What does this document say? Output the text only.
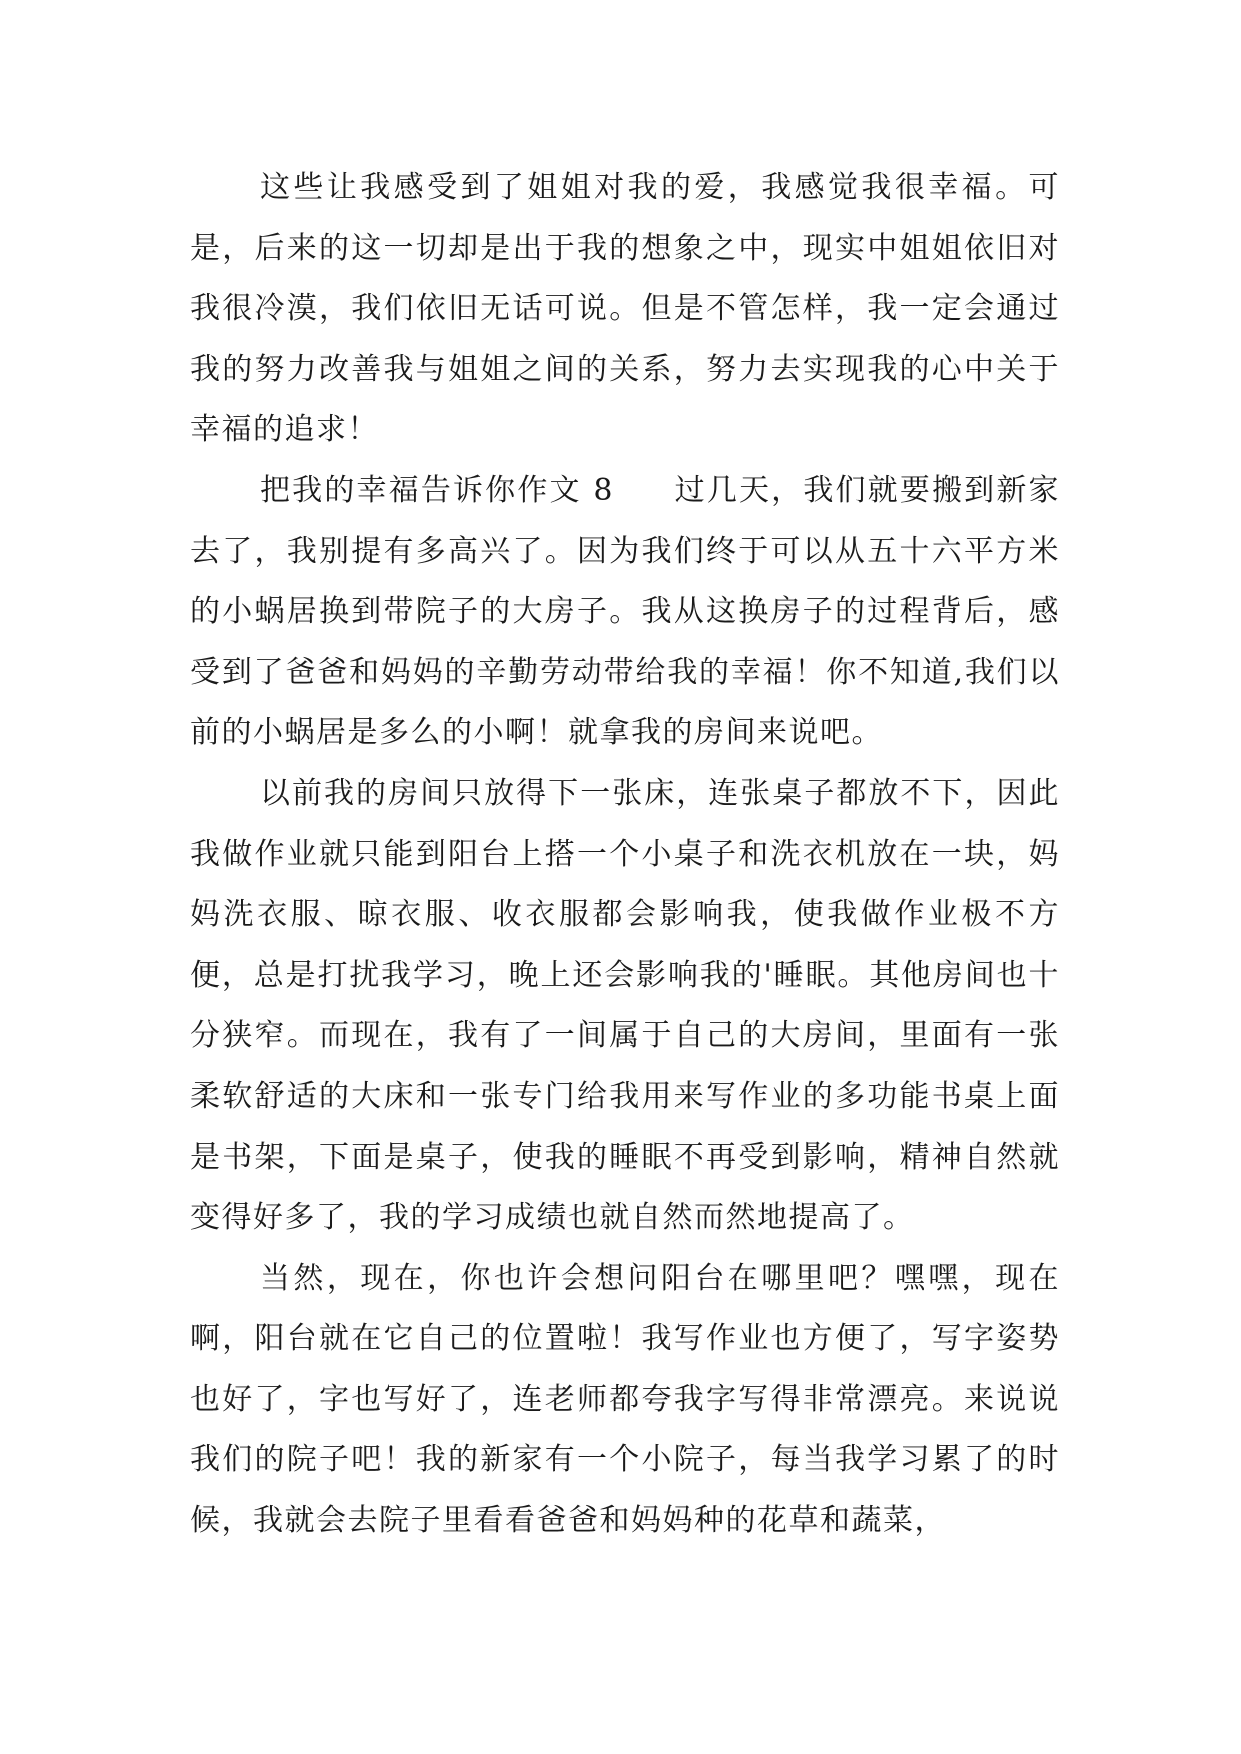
这些让我感受到了姐姐对我的爱，我感觉我很幸福。可是，后来的这一切却是出于我的想象之中，现实中姐姐依旧对我很冷漠，我们依旧无话可说。但是不管怎样，我一定会通过我的努力改善我与姐姐之间的关系，努力去实现我的心中关于幸福的追求！

把我的幸福告诉你作文 8 过几天，我们就要搬到新家去了，我别提有多高兴了。因为我们终于可以从五十六平方米的小蜗居换到带院子的大房子。我从这换房子的过程背后，感受到了爸爸和妈妈的辛勤劳动带给我的幸福！你不知道,我们以前的小蜗居是多么的小啊！就拿我的房间来说吧。

以前我的房间只放得下一张床，连张桌子都放不下，因此我做作业就只能到阳台上搭一个小桌子和洗衣机放在一块，妈妈洗衣服、晾衣服、收衣服都会影响我，使我做作业极不方便，总是打扰我学习，晚上还会影响我的'睡眠。其他房间也十分狭窄。而现在，我有了一间属于自己的大房间，里面有一张柔软舒适的大床和一张专门给我用来写作业的多功能书桌上面是书架，下面是桌子，使我的睡眠不再受到影响，精神自然就变得好多了，我的学习成绩也就自然而然地提高了。

当然，现在，你也许会想问阳台在哪里吧？嘿嘿，现在啊，阳台就在它自己的位置啦！我写作业也方便了，写字姿势也好了，字也写好了，连老师都夸我字写得非常漂亮。来说说我们的院子吧！我的新家有一个小院子，每当我学习累了的时候，我就会去院子里看看爸爸和妈妈种的花草和蔬菜，
